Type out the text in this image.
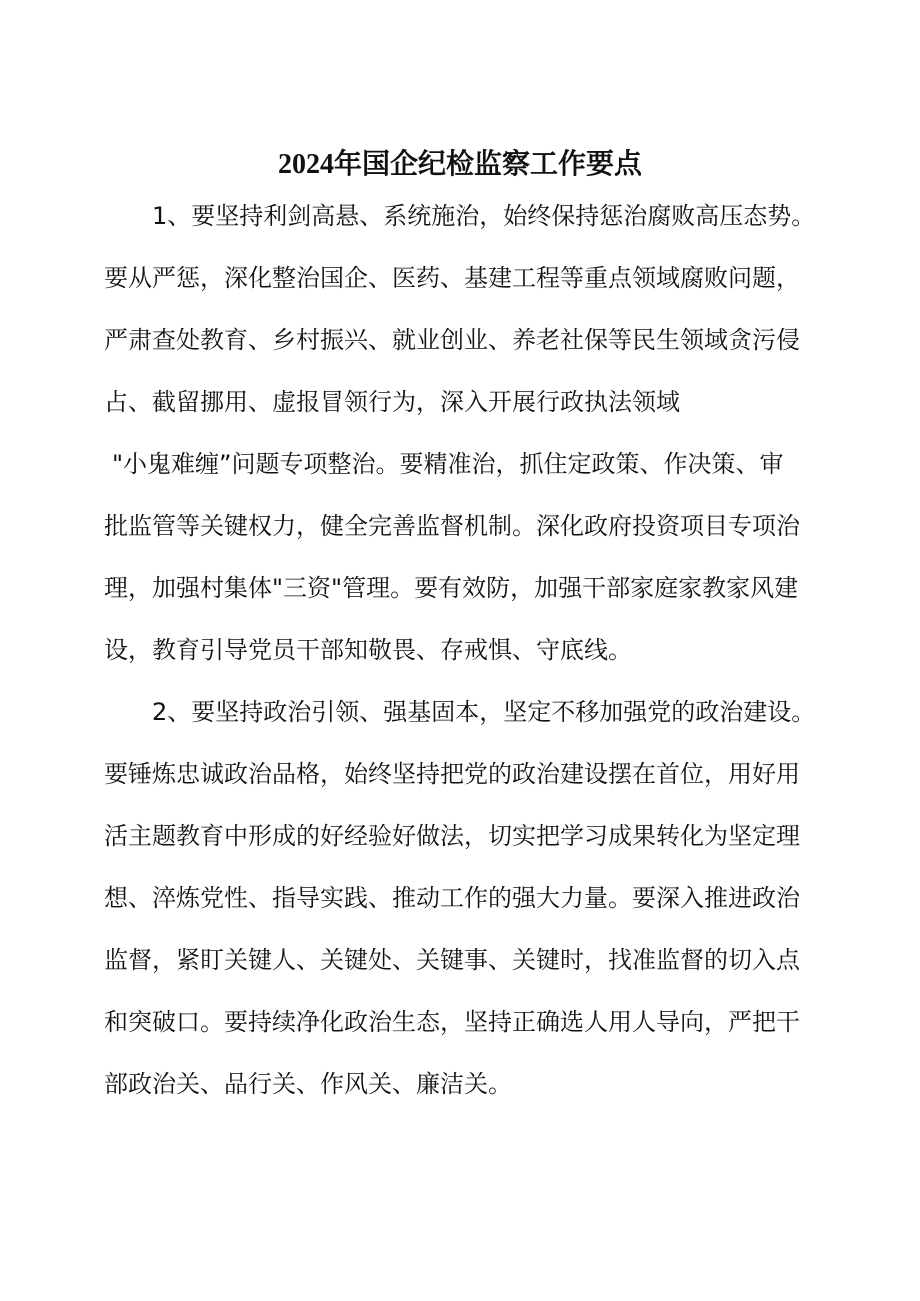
2024年国企纪检监察工作要点
1、要坚持利剑高悬、系统施治，始终保持惩治腐败高压态势。
要从严惩，深化整治国企、医药、基建工程等重点领域腐败问题，
严肃查处教育、乡村振兴、就业创业、养老社保等民生领域贪污侵
占、截留挪用、虚报冒领行为，深入开展行政执法领域
"小鬼难缠”问题专项整治。要精准治，抓住定政策、作决策、审
批监管等关键权力，健全完善监督机制。深化政府投资项目专项治
理，加强村集体"三资"管理。要有效防，加强干部家庭家教家风建
设，教育引导党员干部知敬畏、存戒惧、守底线。
2、要坚持政治引领、强基固本，坚定不移加强党的政治建设。
要锤炼忠诚政治品格，始终坚持把党的政治建设摆在首位，用好用
活主题教育中形成的好经验好做法，切实把学习成果转化为坚定理
想、淬炼党性、指导实践、推动工作的强大力量。要深入推进政治
监督，紧盯关键人、关键处、关键事、关键时，找准监督的切入点
和突破口。要持续净化政治生态，坚持正确选人用人导向，严把干
部政治关、品行关、作风关、廉洁关。
